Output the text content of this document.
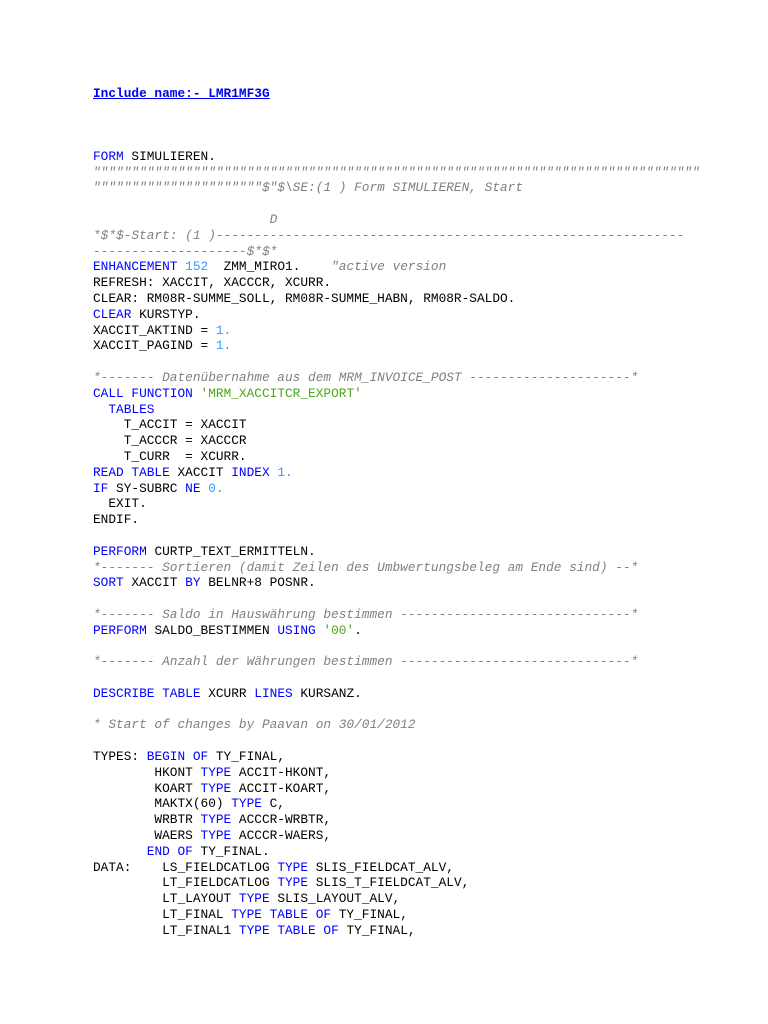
Include name:- LMR1MF3G
FORM SIMULIEREN.
"""""""""""""""""""""""""""""""""""""""""""""""""""""""""""""""""""""""""""""""
""""""""""""""""""""""$"$\SE:(1 ) Form SIMULIEREN, Start
D
*$*$-Start: (1 )-------------------------------------------------------------
--------------------$*$*
ENHANCEMENT 152  ZMM_MIRO1.    "active version
REFRESH: XACCIT, XACCCR, XCURR.
CLEAR: RM08R-SUMME_SOLL, RM08R-SUMME_HABN, RM08R-SALDO.
CLEAR KURSTYP.
XACCIT_AKTIND = 1.
XACCIT_PAGIND = 1.
*------- Datenübernahme aus dem MRM_INVOICE_POST ---------------------*
CALL FUNCTION 'MRM_XACCITCR_EXPORT'
TABLES
T_ACCIT = XACCIT
T_ACCCR = XACCCR
T_CURR  = XCURR.
READ TABLE XACCIT INDEX 1.
IF SY-SUBRC NE 0.
EXIT.
ENDIF.
PERFORM CURTP_TEXT_ERMITTELN.
*------- Sortieren (damit Zeilen des Umbwertungsbeleg am Ende sind) --*
SORT XACCIT BY BELNR+8 POSNR.
*------- Saldo in Hauswährung bestimmen ------------------------------*
PERFORM SALDO_BESTIMMEN USING '00'.
*------- Anzahl der Währungen bestimmen ------------------------------*
DESCRIBE TABLE XCURR LINES KURSANZ.
* Start of changes by Paavan on 30/01/2012
TYPES: BEGIN OF TY_FINAL,
HKONT TYPE ACCIT-HKONT,
KOART TYPE ACCIT-KOART,
MAKTX(60) TYPE C,
WRBTR TYPE ACCCR-WRBTR,
WAERS TYPE ACCCR-WAERS,
END OF TY_FINAL.
DATA:    LS_FIELDCATLOG TYPE SLIS_FIELDCAT_ALV,
LT_FIELDCATLOG TYPE SLIS_T_FIELDCAT_ALV,
LT_LAYOUT TYPE SLIS_LAYOUT_ALV,
LT_FINAL TYPE TABLE OF TY_FINAL,
LT_FINAL1 TYPE TABLE OF TY_FINAL,
